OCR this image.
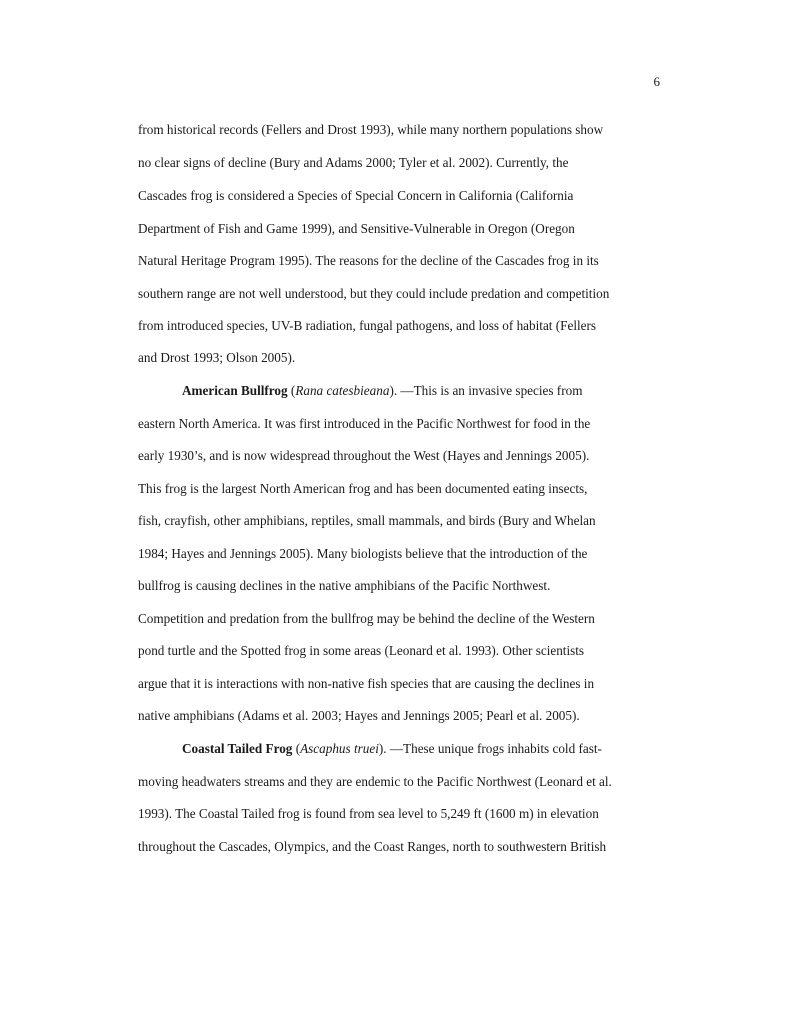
6
from historical records (Fellers and Drost 1993), while many northern populations show
no clear signs of decline (Bury and Adams 2000; Tyler et al. 2002). Currently, the
Cascades frog is considered a Species of Special Concern in California (California
Department of Fish and Game 1999), and Sensitive-Vulnerable in Oregon (Oregon
Natural Heritage Program 1995). The reasons for the decline of the Cascades frog in its
southern range are not well understood, but they could include predation and competition
from introduced species, UV-B radiation, fungal pathogens, and loss of habitat (Fellers
and Drost 1993; Olson 2005).
American Bullfrog (Rana catesbieana). —This is an invasive species from
eastern North America. It was first introduced in the Pacific Northwest for food in the
early 1930’s, and is now widespread throughout the West (Hayes and Jennings 2005).
This frog is the largest North American frog and has been documented eating insects,
fish, crayfish, other amphibians, reptiles, small mammals, and birds (Bury and Whelan
1984; Hayes and Jennings 2005). Many biologists believe that the introduction of the
bullfrog is causing declines in the native amphibians of the Pacific Northwest.
Competition and predation from the bullfrog may be behind the decline of the Western
pond turtle and the Spotted frog in some areas (Leonard et al. 1993). Other scientists
argue that it is interactions with non-native fish species that are causing the declines in
native amphibians (Adams et al. 2003; Hayes and Jennings 2005; Pearl et al. 2005).
Coastal Tailed Frog (Ascaphus truei). —These unique frogs inhabits cold fast-
moving headwaters streams and they are endemic to the Pacific Northwest (Leonard et al.
1993). The Coastal Tailed frog is found from sea level to 5,249 ft (1600 m) in elevation
throughout the Cascades, Olympics, and the Coast Ranges, north to southwestern British
